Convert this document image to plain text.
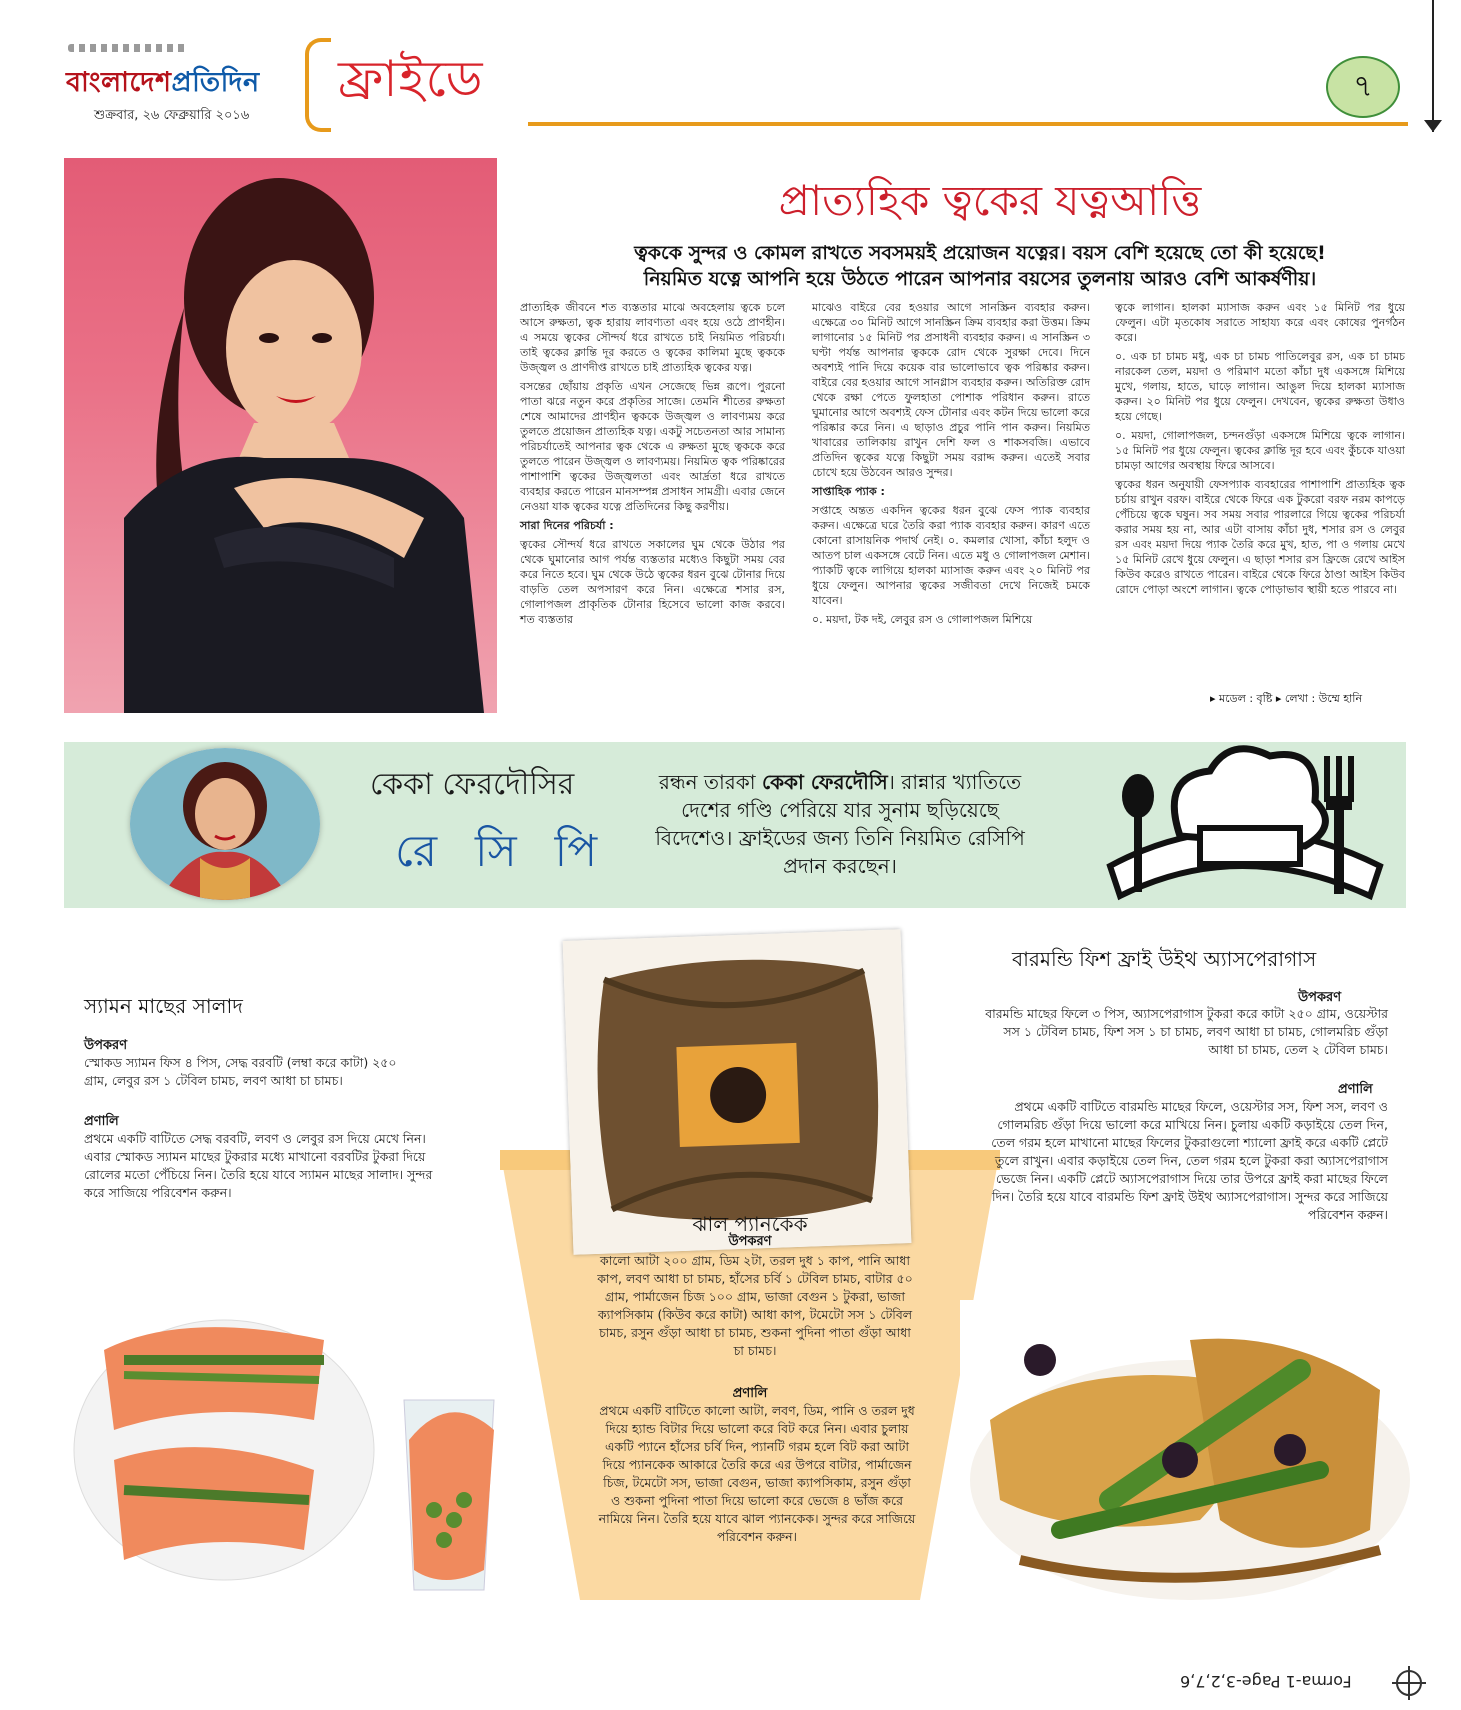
বাংলাদেশপ্রতিদিন
শুক্রবার, ২৬ ফেব্রুয়ারি ২০১৬
ফ্রাইডে	৭
প্রাত্যহিক ত্বকের যত্নআত্তি
ত্বককে সুন্দর ও কোমল রাখতে সবসময়ই প্রয়োজন যত্নের। বয়স বেশি হয়েছে তো কী হয়েছে!
নিয়মিত যত্নে আপনি হয়ে উঠতে পারেন আপনার বয়সের তুলনায় আরও বেশি আকর্ষণীয়।

প্রাত্যহিক জীবনে শত ব্যস্ততার মাঝে অবহেলায় ত্বকে চলে আসে রুক্ষতা, ত্বক হারায় লাবণ্যতা এবং হয়ে ওঠে প্রাণহীন। এ সময়ে ত্বকের সৌন্দর্য ধরে রাখতে চাই নিয়মিত পরিচর্যা। তাই ত্বকের ক্লান্তি দূর করতে ও ত্বকের কালিমা মুছে ত্বককে উজ্জ্বল ও প্রাণদীপ্ত রাখতে চাই প্রাত্যহিক ত্বকের যত্ন।

বসন্তের ছোঁয়ায় প্রকৃতি এখন সেজেছে ভিন্ন রূপে। পুরনো পাতা ঝরে নতুন করে প্রকৃতির সাজে। তেমনি শীতের রুক্ষতা শেষে আমাদের প্রাণহীন ত্বককে উজ্জ্বল ও লাবণ্যময় করে তুলতে প্রয়োজন প্রাত্যহিক যত্ন। একটু সচেতনতা আর সামান্য পরিচর্যাতেই আপনার ত্বক থেকে এ রুক্ষতা মুছে ত্বককে করে তুলতে পারেন উজ্জ্বল ও লাবণ্যময়। নিয়মিত ত্বক পরিষ্কারের পাশাপাশি ত্বকের উজ্জ্বলতা এবং আর্দ্রতা ধরে রাখতে ব্যবহার করতে পারেন মানসম্পন্ন প্রসাধন সামগ্রী। এবার জেনে নেওয়া যাক ত্বকের যত্নে প্রতিদিনের কিছু করণীয়।

সারা দিনের পরিচর্যা :

ত্বকের সৌন্দর্য ধরে রাখতে সকালের ঘুম থেকে উঠার পর থেকে ঘুমানোর আগ পর্যন্ত ব্যস্ততার মধ্যেও কিছুটা সময় বের করে নিতে হবে। ঘুম থেকে উঠে ত্বকের ধরন বুঝে টোনার দিয়ে বাড়তি তেল অপসারণ করে নিন। এক্ষেত্রে শসার রস, গোলাপজল প্রাকৃতিক টোনার হিসেবে ভালো কাজ করবে। শত ব্যস্ততার

মাঝেও বাইরে বের হওয়ার আগে সানস্ক্রিন ব্যবহার করুন। এক্ষেত্রে ৩০ মিনিট আগে সানস্ক্রিন ক্রিম ব্যবহার করা উত্তম। ক্রিম লাগানোর ১৫ মিনিট পর প্রসাধনী ব্যবহার করুন। এ সানস্ক্রিন ৩ ঘণ্টা পর্যন্ত আপনার ত্বককে রোদ থেকে সুরক্ষা দেবে। দিনে অবশ্যই পানি দিয়ে কয়েক বার ভালোভাবে ত্বক পরিষ্কার করুন। বাইরে বের হওয়ার আগে সানগ্লাস ব্যবহার করুন। অতিরিক্ত রোদ থেকে রক্ষা পেতে ফুলহাতা পোশাক পরিধান করুন। রাতে ঘুমানোর আগে অবশ্যই ফেস টোনার এবং কটন দিয়ে ভালো করে পরিষ্কার করে নিন। এ ছাড়াও প্রচুর পানি পান করুন। নিয়মিত খাবারের তালিকায় রাখুন দেশি ফল ও শাকসবজি। এভাবে প্রতিদিন ত্বকের যত্নে কিছুটা সময় বরাদ্দ করুন। এতেই সবার চোখে হয়ে উঠবেন আরও সুন্দর।

সাপ্তাহিক প্যাক :

সপ্তাহে অন্তত একদিন ত্বকের ধরন বুঝে ফেস প্যাক ব্যবহার করুন। এক্ষেত্রে ঘরে তৈরি করা প্যাক ব্যবহার করুন। কারণ এতে কোনো রাসায়নিক পদার্থ নেই। ০. কমলার খোসা, কাঁচা হলুদ ও আতপ চাল একসঙ্গে বেটে নিন। এতে মধু ও গোলাপজল মেশান। প্যাকটি ত্বকে লাগিয়ে হালকা ম্যাসাজ করুন এবং ২০ মিনিট পর ধুয়ে ফেলুন। আপনার ত্বকের সজীবতা দেখে নিজেই চমকে যাবেন।

০. ময়দা, টক দই, লেবুর রস ও গোলাপজল মিশিয়ে

ত্বকে লাগান। হালকা ম্যাসাজ করুন এবং ১৫ মিনিট পর ধুয়ে ফেলুন। এটা মৃতকোষ সরাতে সাহায্য করে এবং কোষের পুনর্গঠন করে।

০. এক চা চামচ মধু, এক চা চামচ পাতিলেবুর রস, এক চা চামচ নারকেল তেল, ময়দা ও পরিমাণ মতো কাঁচা দুধ একসঙ্গে মিশিয়ে মুখে, গলায়, হাতে, ঘাড়ে লাগান। আঙুল দিয়ে হালকা ম্যাসাজ করুন। ২০ মিনিট পর ধুয়ে ফেলুন। দেখবেন, ত্বকের রুক্ষতা উধাও হয়ে গেছে।

০. ময়দা, গোলাপজল, চন্দনগুঁড়া একসঙ্গে মিশিয়ে ত্বকে লাগান। ১৫ মিনিট পর ধুয়ে ফেলুন। ত্বকের ক্লান্তি দূর হবে এবং কুঁচকে যাওয়া চামড়া আগের অবস্থায় ফিরে আসবে।

ত্বকের ধরন অনুযায়ী ফেসপ্যাক ব্যবহারের পাশাপাশি প্রাত্যহিক ত্বক চর্চায় রাখুন বরফ। বাইরে থেকে ফিরে এক টুকরো বরফ নরম কাপড়ে পেঁচিয়ে ত্বকে ঘষুন। সব সময় সবার পারলারে গিয়ে ত্বকের পরিচর্যা করার সময় হয় না, আর এটা বাসায় কাঁচা দুধ, শসার রস ও লেবুর রস এবং ময়দা দিয়ে প্যাক তৈরি করে মুখ, হাত, পা ও গলায় মেখে ১৫ মিনিট রেখে ধুয়ে ফেলুন। এ ছাড়া শসার রস ফ্রিজে রেখে আইস কিউব করেও রাখতে পারেন। বাইরে থেকে ফিরে ঠাণ্ডা আইস কিউব রোদে পোড়া অংশে লাগান। ত্বকে পোড়াভাব স্থায়ী হতে পারবে না।

▸ মডেল : বৃষ্টি ▸ লেখা : উম্মে হানি
কেকা ফেরদৌসির
রে সি পি
রন্ধন তারকা কেকা ফেরদৌসি। রান্নার খ্যাতিতে দেশের গণ্ডি পেরিয়ে যার সুনাম ছড়িয়েছে বিদেশেও। ফ্রাইডের জন্য তিনি নিয়মিত রেসিপি প্রদান করছেন।
স্যামন মাছের সালাদ
উপকরণ
স্মোকড স্যামন ফিস ৪ পিস, সেদ্ধ বরবটি (লম্বা করে কাটা) ২৫০ গ্রাম, লেবুর রস ১ টেবিল চামচ, লবণ আধা চা চামচ।
প্রণালি
প্রথমে একটি বাটিতে সেদ্ধ বরবটি, লবণ ও লেবুর রস দিয়ে মেখে নিন। এবার স্মোকড স্যামন মাছের টুকরার মধ্যে মাখানো বরবটির টুকরা দিয়ে রোলের মতো পেঁচিয়ে নিন। তৈরি হয়ে যাবে স্যামন মাছের সালাদ। সুন্দর করে সাজিয়ে পরিবেশন করুন।
ঝাল প্যানকেক
উপকরণ
কালো আটা ২০০ গ্রাম, ডিম ২টা, তরল দুধ ১ কাপ, পানি আধা কাপ, লবণ আধা চা চামচ, হাঁসের চর্বি ১ টেবিল চামচ, বাটার ৫০ গ্রাম, পার্মাজেন চিজ ১০০ গ্রাম, ভাজা বেগুন ১ টুকরা, ভাজা ক্যাপসিকাম (কিউব করে কাটা) আধা কাপ, টমেটো সস ১ টেবিল চামচ, রসুন গুঁড়া আধা চা চামচ, শুকনা পুদিনা পাতা গুঁড়া আধা চা চামচ।
প্রণালি
প্রথমে একটি বাটিতে কালো আটা, লবণ, ডিম, পানি ও তরল দুধ দিয়ে হ্যান্ড বিটার দিয়ে ভালো করে বিট করে নিন। এবার চুলায় একটি প্যানে হাঁসের চর্বি দিন, প্যানটি গরম হলে বিট করা আটা দিয়ে প্যানকেক আকারে তৈরি করে এর উপরে বাটার, পার্মাজেন চিজ, টমেটো সস, ভাজা বেগুন, ভাজা ক্যাপসিকাম, রসুন গুঁড়া ও শুকনা পুদিনা পাতা দিয়ে ভালো করে ভেজে ৪ ভাঁজ করে নামিয়ে নিন। তৈরি হয়ে যাবে ঝাল প্যানকেক। সুন্দর করে সাজিয়ে পরিবেশন করুন।
বারমন্ডি ফিশ ফ্রাই উইথ অ্যাসপেরাগাস
উপকরণ
বারমন্ডি মাছের ফিলে ৩ পিস, অ্যাসপেরাগাস টুকরা করে কাটা ২৫০ গ্রাম, ওয়েস্টার সস ১ টেবিল চামচ, ফিশ সস ১ চা চামচ, লবণ আধা চা চামচ, গোলমরিচ গুঁড়া আধা চা চামচ, তেল ২ টেবিল চামচ।
প্রণালি
প্রথমে একটি বাটিতে বারমন্ডি মাছের ফিলে, ওয়েস্টার সস, ফিশ সস, লবণ ও গোলমরিচ গুঁড়া দিয়ে ভালো করে মাখিয়ে নিন। চুলায় একটি কড়াইয়ে তেল দিন, তেল গরম হলে মাখানো মাছের ফিলের টুকরাগুলো শ্যালো ফ্রাই করে একটি প্লেটে তুলে রাখুন। এবার কড়াইয়ে তেল দিন, তেল গরম হলে টুকরা করা অ্যাসপেরাগাস ভেজে নিন। একটি প্লেটে অ্যাসপেরাগাস দিয়ে তার উপরে ফ্রাই করা মাছের ফিলে দিন। তৈরি হয়ে যাবে বারমন্ডি ফিশ ফ্রাই উইথ অ্যাসপেরাগাস। সুন্দর করে সাজিয়ে পরিবেশন করুন।
Forma-1 Page-3,2,7,6
